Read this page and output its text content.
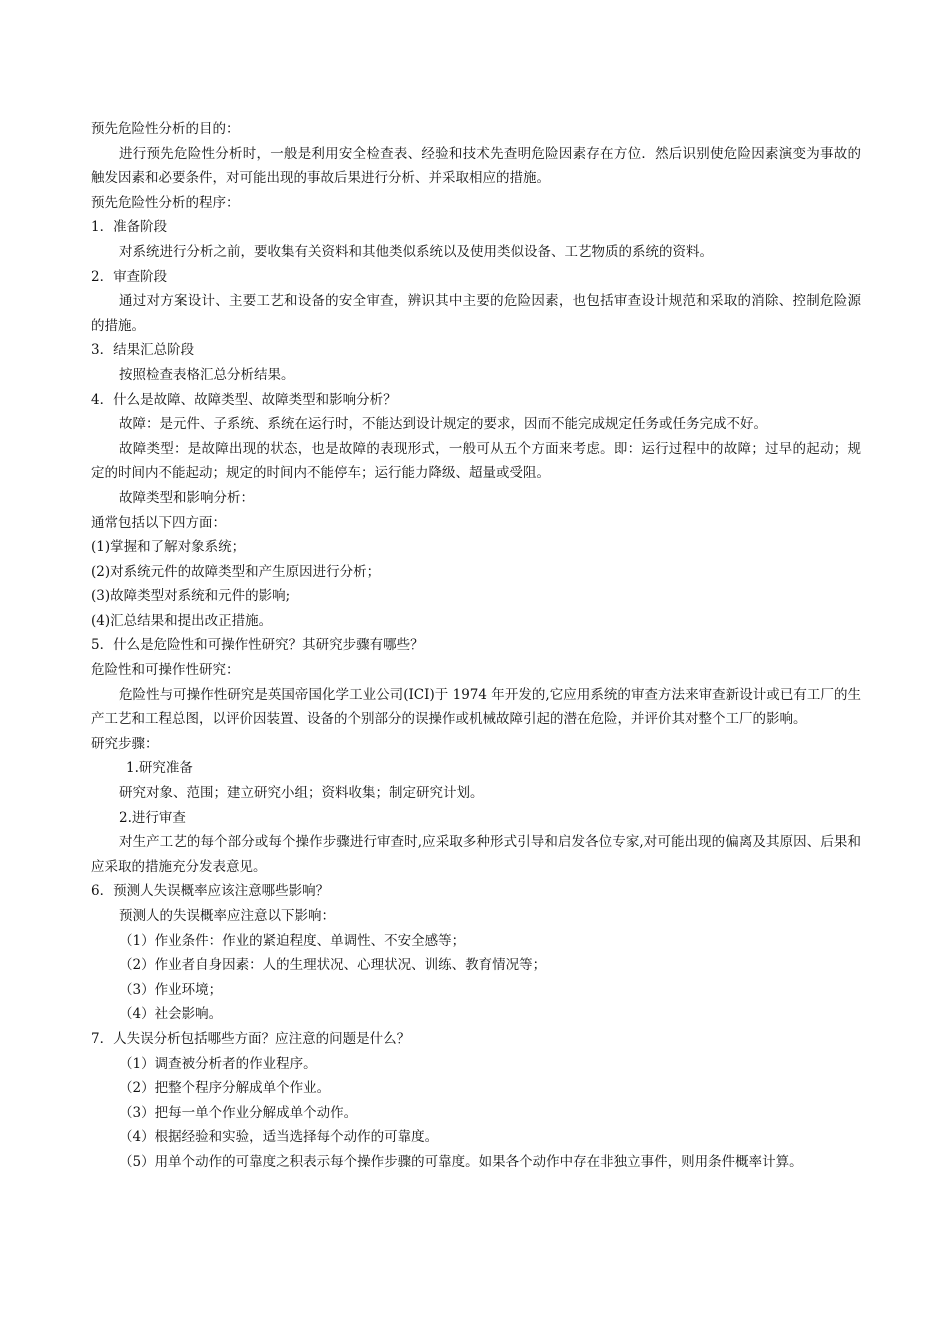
预先危险性分析的目的：
进行预先危险性分析时，一般是利用安全检查表、经验和技术先查明危险因素存在方位．然后识别使危险因素演变为事故的触发因素和必要条件，对可能出现的事故后果进行分析、并采取相应的措施。
预先危险性分析的程序：
1．准备阶段
对系统进行分析之前，要收集有关资料和其他类似系统以及使用类似设备、工艺物质的系统的资料。
2．审查阶段
通过对方案设计、主要工艺和设备的安全审查，辨识其中主要的危险因素，也包括审查设计规范和采取的消除、控制危险源的措施。
3．结果汇总阶段
按照检查表格汇总分析结果。
4．什么是故障、故障类型、故障类型和影响分析？
故障：是元件、子系统、系统在运行时，不能达到设计规定的要求，因而不能完成规定任务或任务完成不好。
故障类型：是故障出现的状态，也是故障的表现形式，一般可从五个方面来考虑。即：运行过程中的故障；过早的起动；规定的时间内不能起动；规定的时间内不能停车；运行能力降级、超量或受阻。
故障类型和影响分析：
通常包括以下四方面：
(1)掌握和了解对象系统；
(2)对系统元件的故障类型和产生原因进行分析；
(3)故障类型对系统和元件的影响;
(4)汇总结果和提出改正措施。
5．什么是危险性和可操作性研究？其研究步骤有哪些？
危险性和可操作性研究：
危险性与可操作性研究是英国帝国化学工业公司(ICI)于 1974 年开发的,它应用系统的审查方法来审查新设计或已有工厂的生产工艺和工程总图，以评价因装置、设备的个别部分的误操作或机械故障引起的潜在危险，并评价其对整个工厂的影响。
研究步骤：
1.研究准备
研究对象、范围；建立研究小组；资料收集；制定研究计划。
2.进行审查
对生产工艺的每个部分或每个操作步骤进行审查时,应采取多种形式引导和启发各位专家,对可能出现的偏离及其原因、后果和应采取的措施充分发表意见。
6．预测人失误概率应该注意哪些影响？
预测人的失误概率应注意以下影响：
（1）作业条件：作业的紧迫程度、单调性、不安全感等；
（2）作业者自身因素：人的生理状况、心理状况、训练、教育情况等；
（3）作业环境；
（4）社会影响。
7．人失误分析包括哪些方面？应注意的问题是什么？
（1）调查被分析者的作业程序。
（2）把整个程序分解成单个作业。
（3）把每一单个作业分解成单个动作。
（4）根据经验和实验，适当选择每个动作的可靠度。
（5）用单个动作的可靠度之积表示每个操作步骤的可靠度。如果各个动作中存在非独立事件，则用条件概率计算。
